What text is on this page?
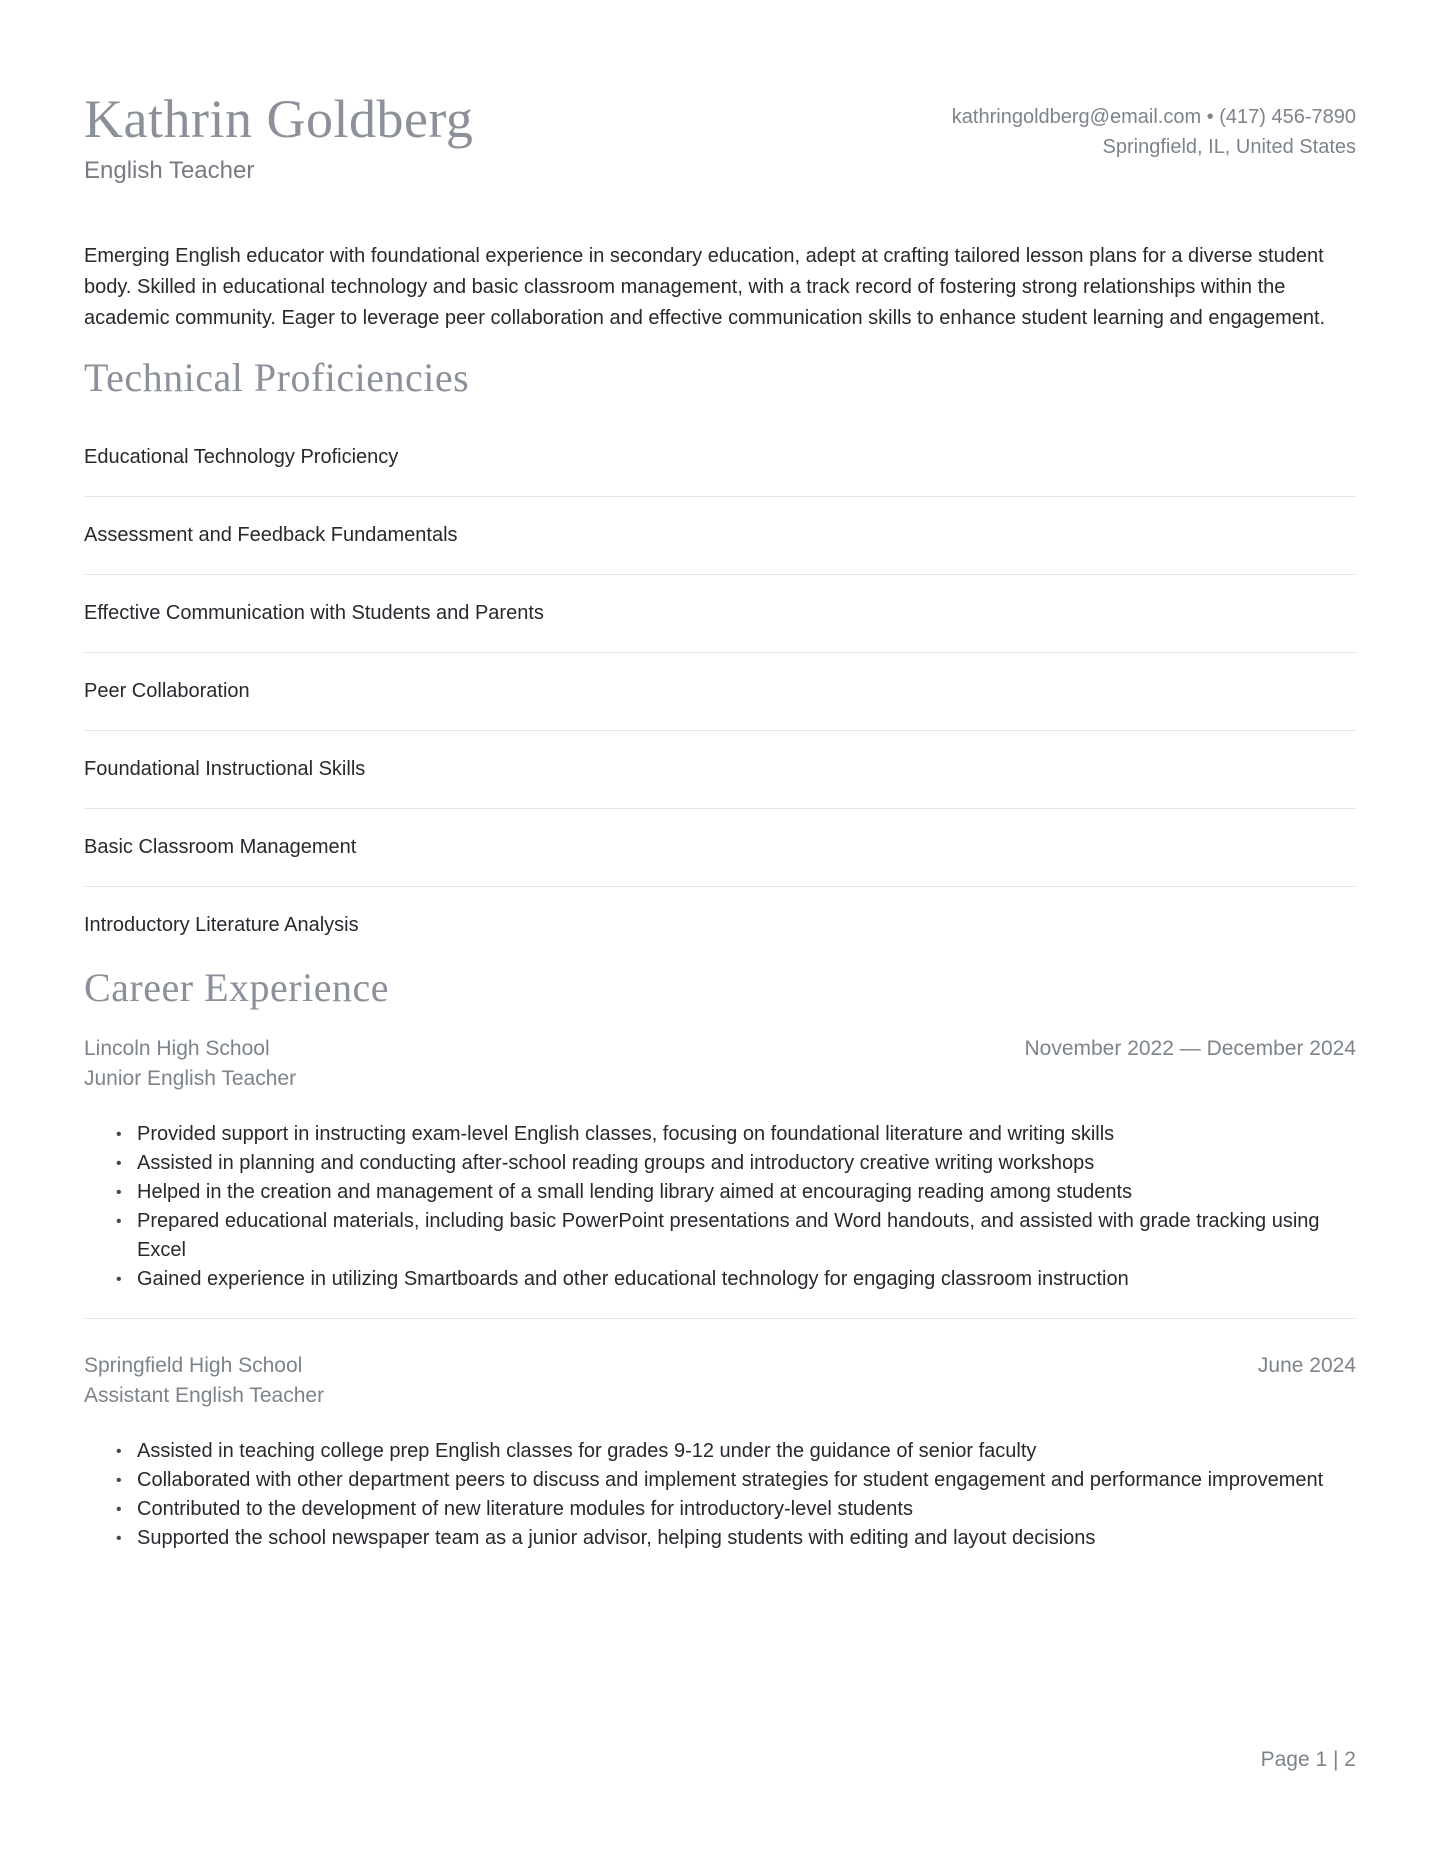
Kathrin Goldberg
English Teacher
kathringoldberg@email.com • (417) 456-7890
Springfield, IL, United States

Emerging English educator with foundational experience in secondary education, adept at crafting tailored lesson plans for a diverse student body. Skilled in educational technology and basic classroom management, with a track record of fostering strong relationships within the academic community. Eager to leverage peer collaboration and effective communication skills to enhance student learning and engagement.

Technical Proficiencies
Educational Technology Proficiency
Assessment and Feedback Fundamentals
Effective Communication with Students and Parents
Peer Collaboration
Foundational Instructional Skills
Basic Classroom Management
Introductory Literature Analysis
Career Experience
Lincoln High School
Junior English Teacher
November 2022 — December 2024
• Provided support in instructing exam-level English classes, focusing on foundational literature and writing skills
• Assisted in planning and conducting after-school reading groups and introductory creative writing workshops
• Helped in the creation and management of a small lending library aimed at encouraging reading among students
• Prepared educational materials, including basic PowerPoint presentations and Word handouts, and assisted with grade tracking using Excel
• Gained experience in utilizing Smartboards and other educational technology for engaging classroom instruction
Springfield High School
Assistant English Teacher
June 2024
• Assisted in teaching college prep English classes for grades 9-12 under the guidance of senior faculty
• Collaborated with other department peers to discuss and implement strategies for student engagement and performance improvement
• Contributed to the development of new literature modules for introductory-level students
• Supported the school newspaper team as a junior advisor, helping students with editing and layout decisions
Page 1 | 2
